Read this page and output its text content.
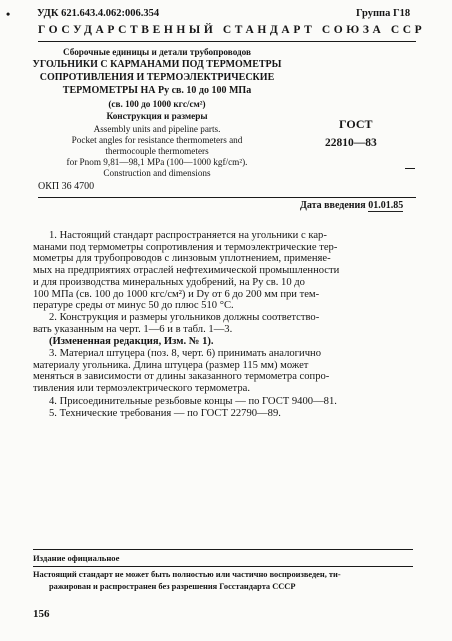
•	УДК 621.643.4.062:006.354	Группа Г18
ГОСУДАРСТВЕННЫЙ СТАНДАРТ СОЮЗА ССР
Сборочные единицы и детали трубопроводов
УГОЛЬНИКИ С КАРМАНАМИ ПОД ТЕРМОМЕТРЫ
СОПРОТИВЛЕНИЯ И ТЕРМОЭЛЕКТРИЧЕСКИЕ
ТЕРМОМЕТРЫ НА Pу св. 10 до 100 МПа
(св. 100 до 1000 кгс/см²)
Конструкция и размеры
Assembly units and pipeline parts.
Pocket angles for resistance thermometers and
thermocouple thermometers
for Pnom 9,81—98,1 MPa (100—1000 kgf/cm²).
Construction and dimensions
ОКП 36 4700
ГОСТ
22810—83
Дата введения 01.01.85
1. Настоящий стандарт распространяется на угольники с кар-
манами под термометры сопротивления и термоэлектрические тер-
мометры для трубопроводов с линзовым уплотнением, применяе-
мых на предприятиях отраслей нефтехимической промышленности
и для производства минеральных удобрений, на Pу св. 10 до
100 МПа (св. 100 до 1000 кгс/см²) и Dу от 6 до 200 мм при тем-
пературе среды от минус 50 до плюс 510 °С.
2. Конструкция и размеры угольников должны соответство-
вать указанным на черт. 1—6 и в табл. 1—3.
(Измененная редакция, Изм. № 1).
3. Материал штуцера (поз. 8, черт. 6) принимать аналогично
материалу угольника. Длина штуцера (размер 115 мм) может
меняться в зависимости от длины заказанного термометра сопро-
тивления или термоэлектрического термометра.
4. Присоединительные резьбовые концы — по ГОСТ 9400—81.
5. Технические требования — по ГОСТ 22790—89.
Издание официальное
Настоящий стандарт не может быть полностью или частично воспроизведен, ти-
ражирован и распространен без разрешения Госстандарта СССР
156
